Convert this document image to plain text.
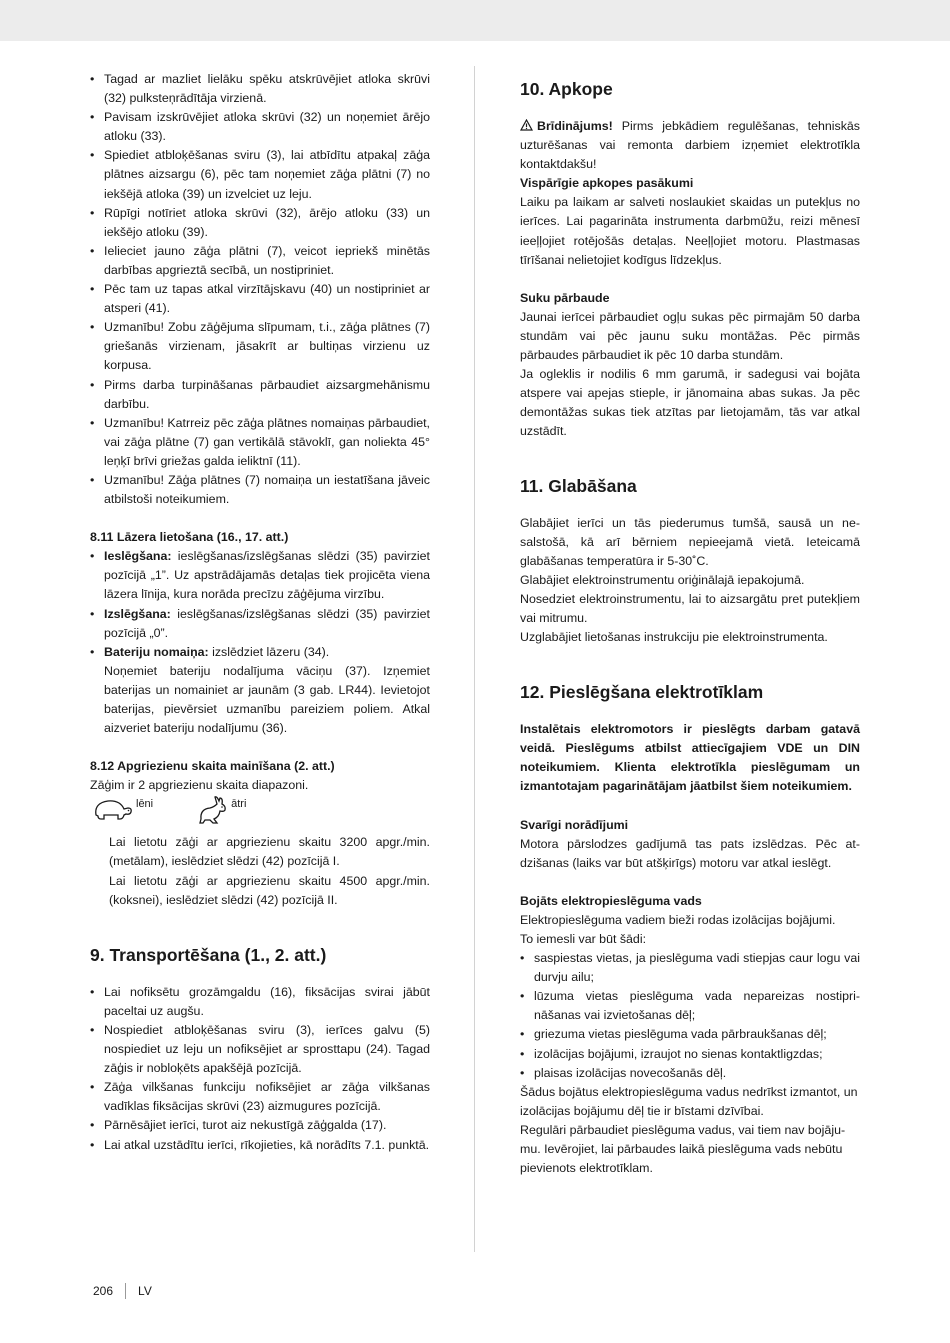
• Tagad ar mazliet lielāku spēku atskrūvējiet atloka skrūvi (32) pulksteņrādītāja virzienā.
• Pavisam izskrūvējiet atloka skrūvi (32) un noņemiet ārējo atloku (33).
• Spiediet atbloķēšanas sviru (3), lai atbīdītu atpakaļ zāģa plātnes aizsargu (6), pēc tam noņemiet zāģa plātni (7) no iekšējā atloka (39) un izvelciet uz leju.
• Rūpīgi notīriet atloka skrūvi (32), ārējo atloku (33) un iekšējo atloku (39).
• Ielieciet jauno zāģa plātni (7), veicot iepriekš minētās darbības apgrieztā secībā, un nostipriniet.
• Pēc tam uz tapas atkal virzītājskavu (40) un nostipriniet ar atsperi (41).
• Uzmanību! Zobu zāģējuma slīpumam, t.i., zāģa plātnes (7) griešanās virzienam, jāsakrīt ar bultiņas virzienu uz korpusa.
• Pirms darba turpināšanas pārbaudiet aizsargmehānismu darbību.
• Uzmanību! Katrreiz pēc zāģa plātnes nomaiņas pārbaudiet, vai zāģa plātne (7) gan vertikālā stāvoklī, gan noliekta 45° leņķī brīvi griežas galda ieliktnī (11).
• Uzmanību! Zāģa plātnes (7) nomaiņa un iestatīšana jāveic atbilstoši noteikumiem.

8.11 Lāzera lietošana (16., 17. att.)

• Ieslēgšana: ieslēgšanas/izslēgšanas slēdzi (35) pavirziet pozīcijā „1”. Uz apstrādājamās detaļas tiek projicēta viena lāzera līnija, kura norāda precīzu zāģējuma virzību.
• Izslēgšana: ieslēgšanas/izslēgšanas slēdzi (35) pavirziet pozīcijā „0”.
• Bateriju nomaiņa: izslēdziet lāzeru (34).
Noņemiet bateriju nodalījuma vāciņu (37). Izņemiet baterijas un nomainiet ar jaunām (3 gab. LR44). Ievietojot baterijas, pievērsiet uzmanību pareiziem poliem. Atkal aizveriet bateriju nodalījumu (36).

8.12 Apgriezienu skaita mainīšana (2. att.)

Zāģim ir 2 apgriezienu skaita diapazoni.
lēni	ātri
Lai lietotu zāģi ar apgriezienu skaitu 3200 apgr./min. (metālam), ieslēdziet slēdzi (42) pozīcijā I.
Lai lietotu zāģi ar apgriezienu skaitu 4500 apgr./min. (koksnei), ieslēdziet slēdzi (42) pozīcijā II.

9. Transportēšana (1., 2. att.)

• Lai nofiksētu grozāmgaldu (16), fiksācijas svirai jābūt paceltai uz augšu.
• Nospiediet atbloķēšanas sviru (3), ierīces galvu (5) nospiediet uz leju un nofiksējiet ar sprosttapu (24). Tagad zāģis ir nobloķēts apakšējā pozīcijā.
• Zāģa vilkšanas funkciju nofiksējiet ar zāģa vilkšanas vadīklas fiksācijas skrūvi (23) aizmugures pozīcijā.
• Pārnēsājiet ierīci, turot aiz nekustīgā zāģgalda (17).
• Lai atkal uzstādītu ierīci, rīkojieties, kā norādīts 7.1. punktā.

10. Apkope

Brīdinājums! Pirms jebkādiem regulēšanas, tehniskās uzturēšanas vai remonta darbiem izņemiet elektrotīkla kontaktdakšu!

Vispārīgie apkopes pasākumi

Laiku pa laikam ar salveti noslaukiet skaidas un putekļus no ierīces. Lai pagarināta instrumenta darbmūžu, reizi mēnesī ieeļļojiet rotējošās detaļas. Neeļļojiet motoru. Plastmasas tīrīšanai nelietojiet kodīgus līdzekļus.

Suku pārbaude

Jaunai ierīcei pārbaudiet ogļu sukas pēc pirmajām 50 darba stundām vai pēc jaunu suku montāžas. Pēc pirmās pārbaudes pārbaudiet ik pēc 10 darba stundām.
Ja ogleklis ir nodilis 6 mm garumā, ir sadegusi vai bojāta atspere vai apejas stieple, ir jānomaina abas sukas. Ja pēc demontāžas sukas tiek atzītas par lietojamām, tās var atkal uzstādīt.

11. Glabāšana

Glabājiet ierīci un tās piederumus tumšā, sausā un nesalstošā, kā arī bērniem nepieejamā vietā. Ieteicamā glabāšanas temperatūra ir 5-30˚C.
Glabājiet elektroinstrumentu oriģinālajā iepakojumā.
Nosedziet elektroinstrumentu, lai to aizsargātu pret putekļiem vai mitrumu.
Uzglabājiet lietošanas instrukciju pie elektroinstrumenta.

12. Pieslēgšana elektrotīklam

Instalētais elektromotors ir pieslēgts darbam gatavā veidā. Pieslēgums atbilst attiecīgajiem VDE un DIN noteikumiem. Klienta elektrotīkla pieslēgumam un izmantotajam pagarinātājam jāatbilst šiem noteikumiem.

Svarīgi norādījumi

Motora pārslodzes gadījumā tas pats izslēdzas. Pēc atdzišanas (laiks var būt atšķirīgs) motoru var atkal ieslēgt.

Bojāts elektropieslēguma vads

Elektropieslēguma vadiem bieži rodas izolācijas bojājumi.
To iemesli var būt šādi:
• saspiestas vietas, ja pieslēguma vadi stiepjas caur logu vai durvju ailu;
• lūzuma vietas pieslēguma vada nepareizas nostiprināšanas vai izvietošanas dēļ;
• griezuma vietas pieslēguma vada pārbraukšanas dēļ;
• izolācijas bojājumi, izraujot no sienas kontaktligzdas;
• plaisas izolācijas novecošanās dēļ.
Šādus bojātus elektropieslēguma vadus nedrīkst izmantot, un izolācijas bojājumu dēļ tie ir bīstami dzīvībai.
Regulāri pārbaudiet pieslēguma vadus, vai tiem nav bojājumu. Ievērojiet, lai pārbaudes laikā pieslēguma vads nebūtu pievienots elektrotīklam.
206 LV
